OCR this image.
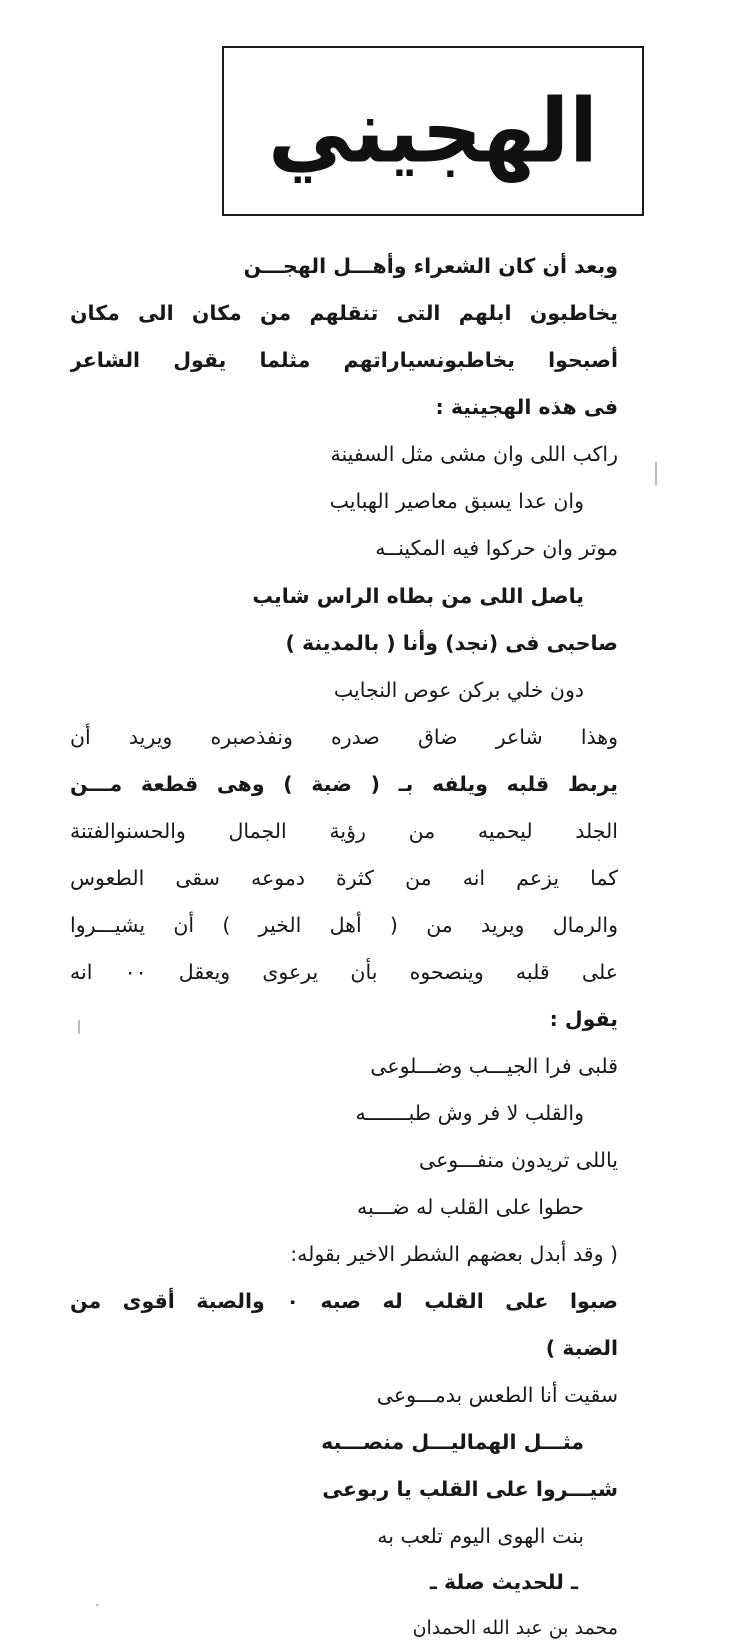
الهجيني
وبعد أن كان الشعراء وأهـــل الهجـــن
يخاطبون ابلهم التى تنقلهم من مكان الى مكان
أصبحوا يخاطبونسياراتهم مثلما يقول الشاعر
فى هذه الهجينية :
راكب اللى وان مشى مثل السفينة
وان عدا يسبق معاصير الهبايب
موتر وان حركوا فيه المكينــه
ياصل اللى من بطاه الراس شايب
صاحبى فى (نجد) وأنا ( بالمدينة )
دون خلي بركن عوص النجايب
وهذا شاعر ضاق صدره ونفذصبره ويريد أن
يربط قلبه ويلفه بـ ( ضبة ) وهى قطعة مـــن
الجلد ليحميه من رؤية الجمال والحسنوالفتنة
كما يزعم انه من كثرة دموعه سقى الطعوس
والرمال ويريد من ( أهل الخير ) أن يشيـــروا
على قلبه وينصحوه بأن يرعوى ويعقل ٠٠ انه
يقول :
قلبى فرا الجيـــب وضـــلوعى
والقلب لا فر وش طبـــــــه
ياللى تريدون منفـــوعى
حطوا على القلب له ضـــبه
( وقد أبدل بعضهم الشطر الاخير بقوله:
صبوا على القلب له صبه ٠ والصبة أقوى من
الضبة )
سقيت أنا الطعس بدمـــوعى
مثـــل الهماليـــل منصـــبه
شيـــروا على القلب يا ربوعى
بنت الهوى اليوم تلعب به
ـ للحديث صلة ـ
محمد بن عبد الله الحمدان
